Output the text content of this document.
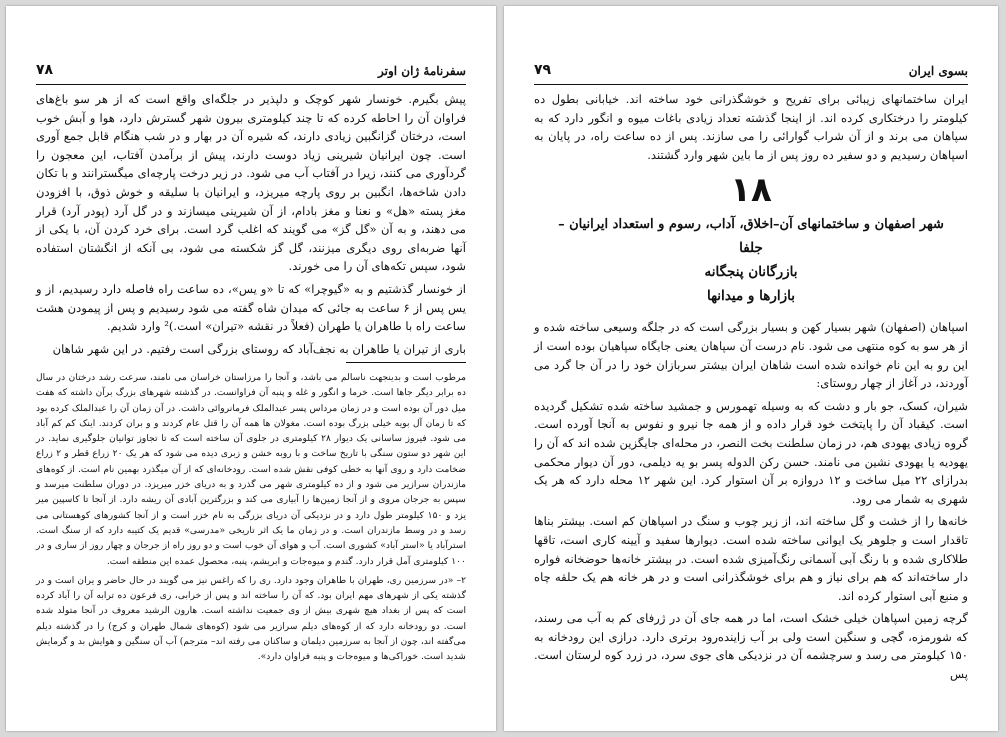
سفرنامهٔ ژان اوتر
۷۸

پیش بگیرم. خونسار شهر کوچک و دلپذیر در جلگه‌ای واقع است که از هر سو باغ‌های فراوان آن را احاطه کرده که تا چند کیلومتری بیرون شهر گسترش دارد، هوا و آبش خوب است، درختان گزانگبین زیادی دارند، که شیره آن در بهار و در شب هنگام قابل جمع آوری است. چون ایرانیان شیرینی زیاد دوست دارند، پیش از برآمدن آفتاب، این معجون را گردآوری می کنند، زیرا در آفتاب آب می شود. در زیر درخت پارچه‌ای میگسترانند و با تکان دادن شاخه‌ها، انگبین بر روی پارچه میریزد، و ایرانیان با سلیقه و خوش ذوق، با افزودن مغز پسته «هل» و نعنا و مغز بادام، از آن شیرینی میسازند و در گل آرد (پودر آرد) قرار می دهند، و به آن «گل گز» می گویند که اغلب گرد است. برای خرد کردن آن، با یکی از آنها ضربه‌ای روی دیگری میزنند، گل گز شکسته می شود، بی آنکه از انگشتان استفاده شود، سپس تکه‌های آن را می خورند.

از خونسار گذشتیم و به «گیوچرا» که تا «و یس»، ده ساعت راه فاصله دارد رسیدیم، از و یس پس از ۶ ساعت به جائی که میدان شاه گفته می شود رسیدیم و پس از پیمودن هشت ساعت راه با طاهران یا طهران (فعلاً در نقشه «تیران» است.)² وارد شدیم.

باری از تیران یا طاهران به نجف‌آباد که روستای بزرگی است رفتیم. در این شهر شاهان

مرطوب است و بدینجهت ناسالم می باشد، و آنجا را مرزاستان خراسان می نامند، سرعت رشد درختان در سال ده برابر دیگر جاها است. خرما و انگور و غله و پنبه آن فراوانست. در گذشته شهرهای بزرگ برآن داشته که هفت میل دور آن بوده است و در زمان مرداس پسر عبدالملک فرمانروائی داشت. در آن زمان آن را عبدالملک کرده بود که تا زمان آل بویه خیلی بزرگ بوده است. مغولان ها همه آن را قتل عام کردند و و بران کردند. اینک کم کم آباد می شود. فیروز ساسانی یک دیوار ۲۸ کیلومتری در جلوی آن ساخته است که تا تجاوز توانیان جلوگیری نماید. در این شهر دو ستون سنگی با تاریخ ساخت و با روبه خشن و زبری دیده می شود که هر یک ۲۰ زراع قطر و ۲ زراع ضخامت دارد و روی آنها به خطی کوفی نقش شده است. رودخانه‌ای که از آن میگذرد بهمین نام است. از کوه‌های مازندران سرازیر می شود و از ده کیلومتری شهر می گذرد و به دریای خزر میریزد. در دوران سلطنت میرسد و سپس به جرجان مروی و از آنجا زمین‌ها را آبیاری می کند و بزرگترین آبادی آن ریشه دارد. از آنجا تا کاسپین میر یزد و ۱۵۰ کیلومتر طول دارد و در نزدیکی آن دریای بزرگی به نام خزر است و از آنجا کشورهای کوهستانی می رسد و در وسط مازندران است. و در زمان ما یک اثر تاریخی «مدرسی» قدیم یک کتیبه دارد که از سنگ است. استرآباد یا «استر آباد» کشوری است. آب و هوای آن خوب است و دو روز راه از جرجان و چهار روز از ساری و در ۱۰۰ کیلومتری آمل قرار دارد. گندم و میوه‌جات و ابریشم، پنبه، محصول عمده این منطقه است.

۲– «در سرزمین ری، طهران با طاهران وجود دارد. ری را که راغس نیز می گویند در حال حاضر و یران است و در گذشته یکی از شهرهای مهم ایران بود. که آن را ساخته اند و پس از خرابی، ری فرعون ده ترابه آن را آباد کرده است که پس از بغداد هیچ شهری بیش از وی جمعیت نداشته است. هارون الرشید معروف در آنجا متولد شده است. دو رودخانه دارد که از کوه‌های دیلم سرازیر می شود (کوه‌های شمال طهران و کرج) را در گذشته دیلم می‌گفته اند، چون از آنجا به سرزمین دیلمان و ساکنان می رفته اند– مترجم) آب آن سنگین و هوایش بد و گرمایش شدید است. خوراکی‌ها و میوه‌جات و پنبه فراوان دارد».

بسوی ایران
۷۹

ایران ساختمانهای زیبائی برای تفریح و خوشگذرانی خود ساخته اند. خیابانی بطول ده کیلومتر را درختکاری کرده اند. از اینجا گذشته تعداد زیادی باغات میوه و انگور دارد که به سپاهان می برند و از آن شراب گوارائی را می سازند. پس از ده ساعت راه، در پایان به اسپاهان رسیدیم و دو سفیر ده روز پس از ما باین شهر وارد گشتند.

۱۸
شهر اصفهان و ساختمانهای آن–اخلاق، آداب، رسوم و استعداد ایرانیان –
جلفا
بازرگانان پنجگانه
بازارها و میدانها

اسپاهان (اصفهان) شهر بسیار کهن و بسیار بزرگی است که در جلگه وسیعی ساخته شده و از هر سو به کوه منتهی می شود. نام درست آن سپاهان یعنی جایگاه سپاهیان بوده است از این رو به این نام خوانده شده است شاهان ایران بیشتر سربازان خود را در آن جا گرد می آوردند، در آغاز از چهار روستای:

شیران، کسک، جو بار و دشت که به وسیله تهمورس و جمشید ساخته شده تشکیل گردیده است. کیقباد آن را پایتخت خود قرار داده و از همه جا نیرو و نفوس به آنجا آورده است. گروه زیادی یهودی هم، در زمان سلطنت بخت النصر، در محله‌ای جایگزین شده اند که آن را یهودیه یا یهودی نشین می نامند. حسن رکن الدوله پسر بو یه دیلمی، دور آن دیوار محکمی بدرازای ۲۲ میل ساخت و ۱۲ دروازه بر آن استوار کرد. این شهر ۱۲ محله دارد که هر یک شهری به شمار می رود.

خانه‌ها را از خشت و گل ساخته اند، از زیر چوب و سنگ در اسپاهان کم است. بیشتر بناها تاقدار است و جلوهر یک ایوانی ساخته شده است. دیوارها سفید و آیینه کاری است، تاقها طلاکاری شده و با رنگ آبی آسمانی رنگ‌آمیزی شده است. در بیشتر خانه‌ها حوضخانه فواره دار ساخته‌اند که هم برای نیاز و هم برای خوشگذرانی است و در هر خانه هم یک حلقه چاه و منبع آبی استوار کرده اند.

گرچه زمین اسپاهان خیلی خشک است، اما در همه جای آن در ژرفای کم به آب می رسند، که شورمزه، گچی و سنگین است ولی بر آب زاینده‌رود برتری دارد. درازی این رودخانه به ۱۵۰ کیلومتر می رسد و سرچشمه آن در نزدیکی های جوی سرد، در زرد کوه لرستان است. پس
